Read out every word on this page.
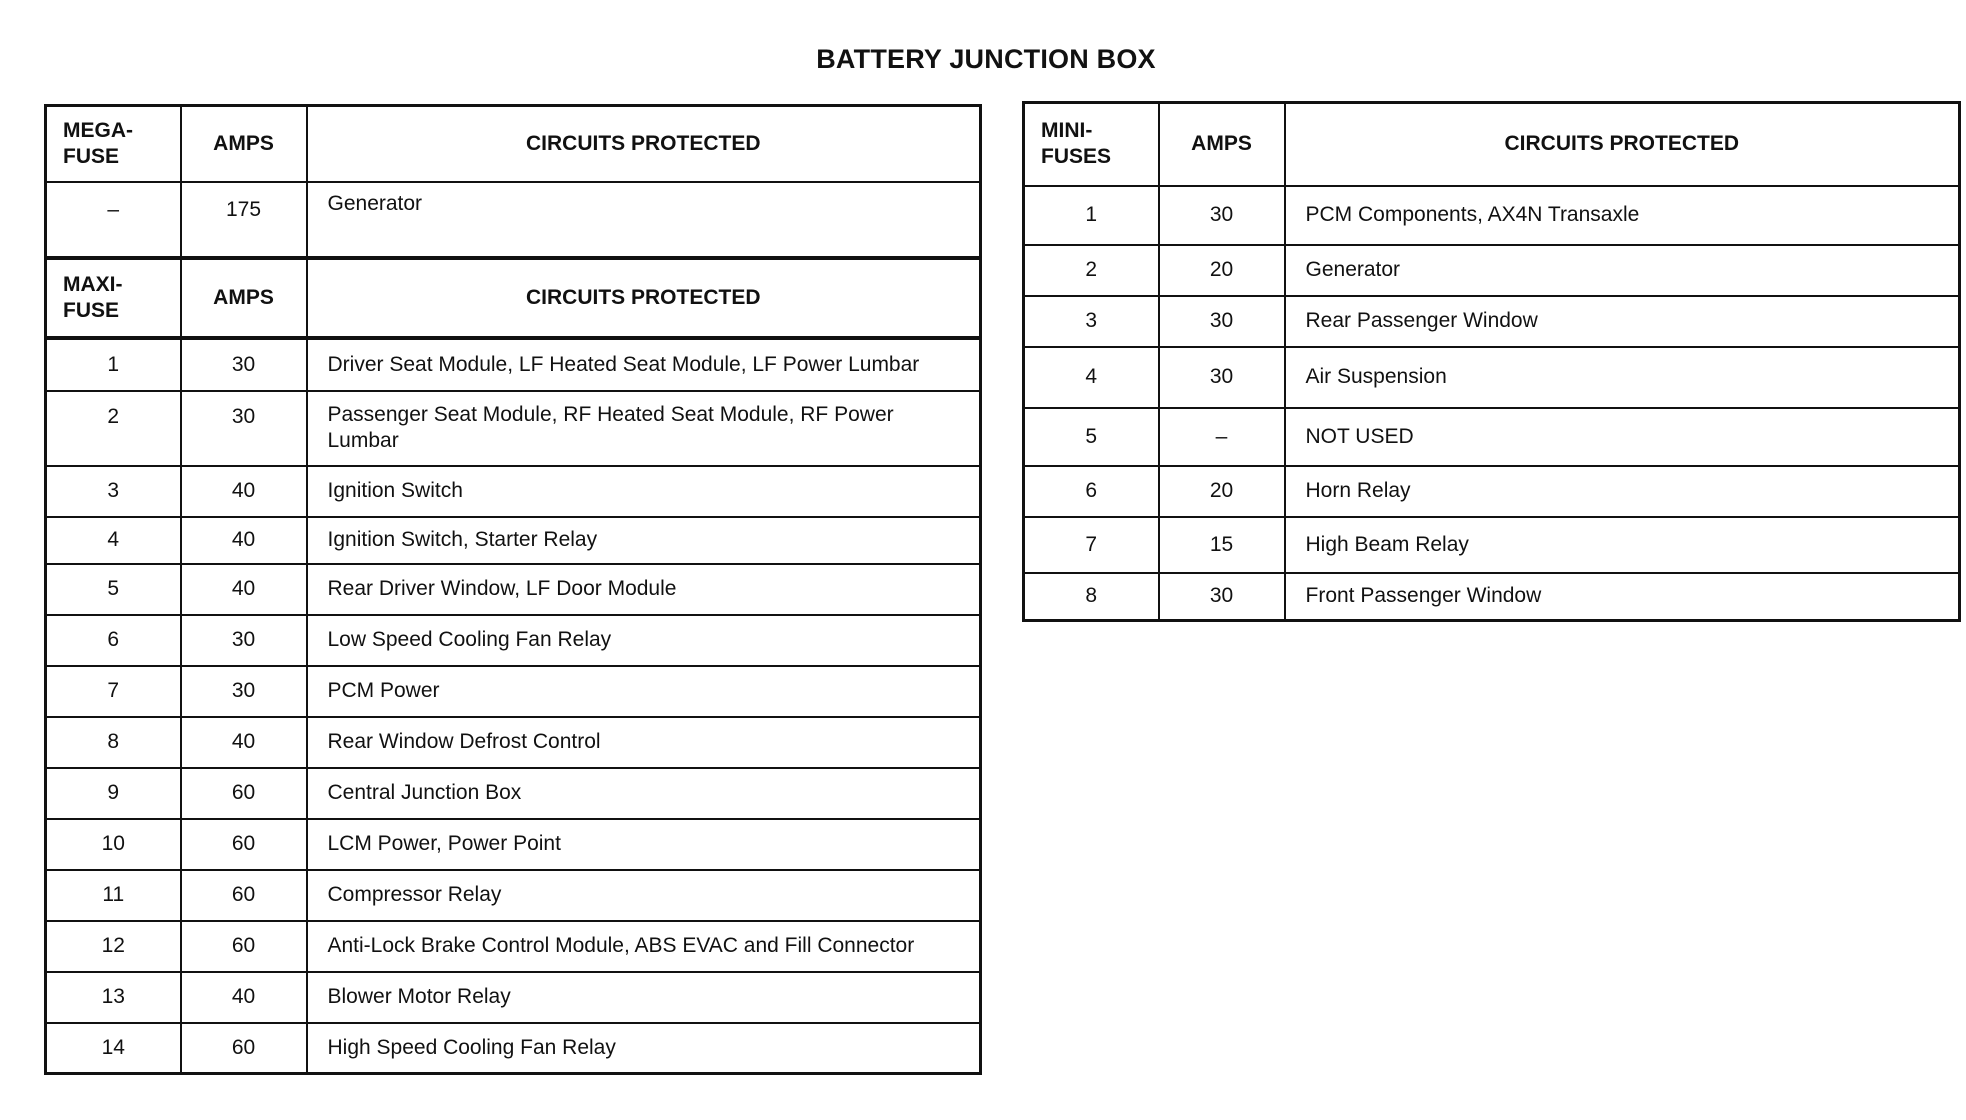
BATTERY JUNCTION BOX
MEGA-
FUSE	AMPS	CIRCUITS PROTECTED
–	175	Generator
MAXI-
FUSE	AMPS	CIRCUITS PROTECTED
1	30	Driver Seat Module, LF Heated Seat Module, LF Power Lumbar
2	30	Passenger Seat Module, RF Heated Seat Module, RF Power Lumbar
3	40	Ignition Switch
4	40	Ignition Switch, Starter Relay
5	40	Rear Driver Window, LF Door Module
6	30	Low Speed Cooling Fan Relay
7	30	PCM Power
8	40	Rear Window Defrost Control
9	60	Central Junction Box
10	60	LCM Power, Power Point
11	60	Compressor Relay
12	60	Anti-Lock Brake Control Module, ABS EVAC and Fill Connector
13	40	Blower Motor Relay
14	60	High Speed Cooling Fan Relay
MINI-
FUSES	AMPS	CIRCUITS PROTECTED
1	30	PCM Components, AX4N Transaxle
2	20	Generator
3	30	Rear Passenger Window
4	30	Air Suspension
5	–	NOT USED
6	20	Horn Relay
7	15	High Beam Relay
8	30	Front Passenger Window
